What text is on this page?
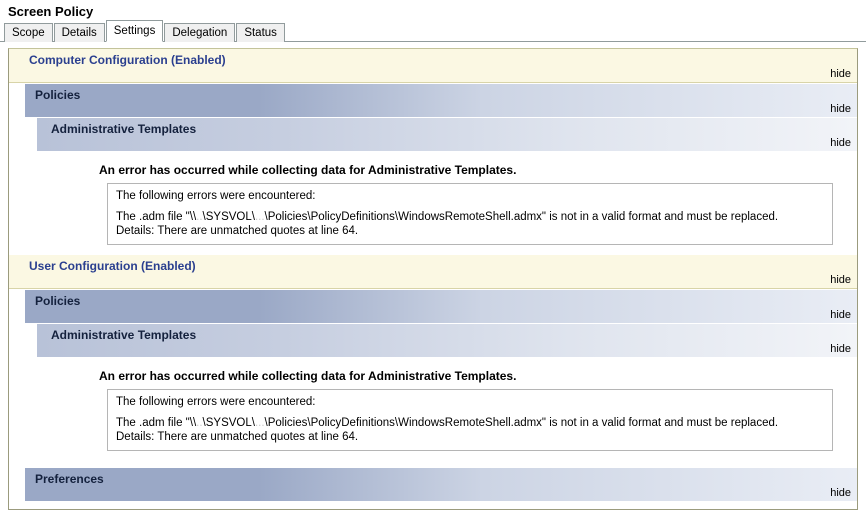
Screen Policy
Scope	Details	Settings	Delegation	Status
Computer Configuration (Enabled)
hide
Policies
hide
Administrative Templates
hide
An error has occurred while collecting data for Administrative Templates.
The following errors were encountered:
The .adm file "\\..\SYSVOL\...\Policies\PolicyDefinitions\WindowsRemoteShell.admx" is not in a valid format and must be replaced.
Details: There are unmatched quotes at line 64.
User Configuration (Enabled)
hide
Policies
hide
Administrative Templates
hide
An error has occurred while collecting data for Administrative Templates.
The following errors were encountered:
The .adm file "\\..\SYSVOL\...\Policies\PolicyDefinitions\WindowsRemoteShell.admx" is not in a valid format and must be replaced.
Details: There are unmatched quotes at line 64.
Preferences
hide
